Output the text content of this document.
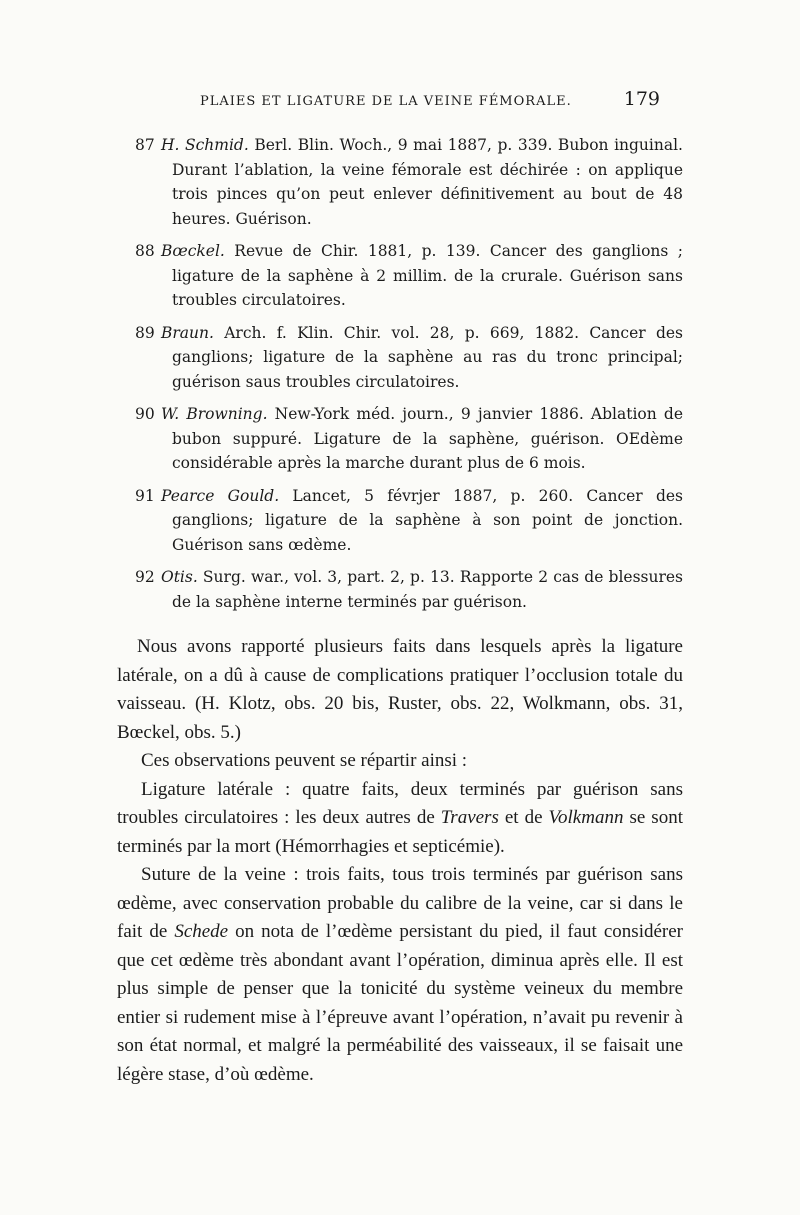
PLAIES ET LIGATURE DE LA VEINE FÉMORALE.	179

87 H. Schmid. Berl. Blin. Woch., 9 mai 1887, p. 339. Bubon inguinal. Durant l’ablation, la veine fémorale est déchirée : on applique trois pinces qu’on peut enlever définitivement au bout de 48 heures. Guérison.

88 Bœckel. Revue de Chir. 1881, p. 139. Cancer des ganglions ; ligature de la saphène à 2 millim. de la crurale. Guérison sans troubles circulatoires.

89 Braun. Arch. f. Klin. Chir. vol. 28, p. 669, 1882. Cancer des ganglions; ligature de la saphène au ras du tronc principal; guérison saus troubles circulatoires.

90 W. Browning. New-York méd. journ., 9 janvier 1886. Ablation de bubon suppuré. Ligature de la saphène, guérison. OEdème considérable après la marche durant plus de 6 mois.

91 Pearce Gould. Lancet, 5 févrjer 1887, p. 260. Cancer des ganglions; ligature de la saphène à son point de jonction. Guérison sans œdème.

92 Otis. Surg. war., vol. 3, part. 2, p. 13. Rapporte 2 cas de blessures de la saphène interne terminés par guérison.

Nous avons rapporté plusieurs faits dans lesquels après la ligature latérale, on a dû à cause de complications pratiquer l’occlusion totale du vaisseau. (H. Klotz, obs. 20 bis, Ruster, obs. 22, Wolkmann, obs. 31, Bœckel, obs. 5.)

Ces observations peuvent se répartir ainsi :

Ligature latérale : quatre faits, deux terminés par guérison sans troubles circulatoires : les deux autres de Travers et de Volkmann se sont terminés par la mort (Hémorrhagies et septicémie).

Suture de la veine : trois faits, tous trois terminés par guérison sans œdème, avec conservation probable du calibre de la veine, car si dans le fait de Schede on nota de l’œdème persistant du pied, il faut considérer que cet œdème très abondant avant l’opération, diminua après elle. Il est plus simple de penser que la tonicité du système veineux du membre entier si rudement mise à l’épreuve avant l’opération, n’avait pu revenir à son état normal, et malgré la perméabilité des vaisseaux, il se faisait une légère stase, d’où œdème.
